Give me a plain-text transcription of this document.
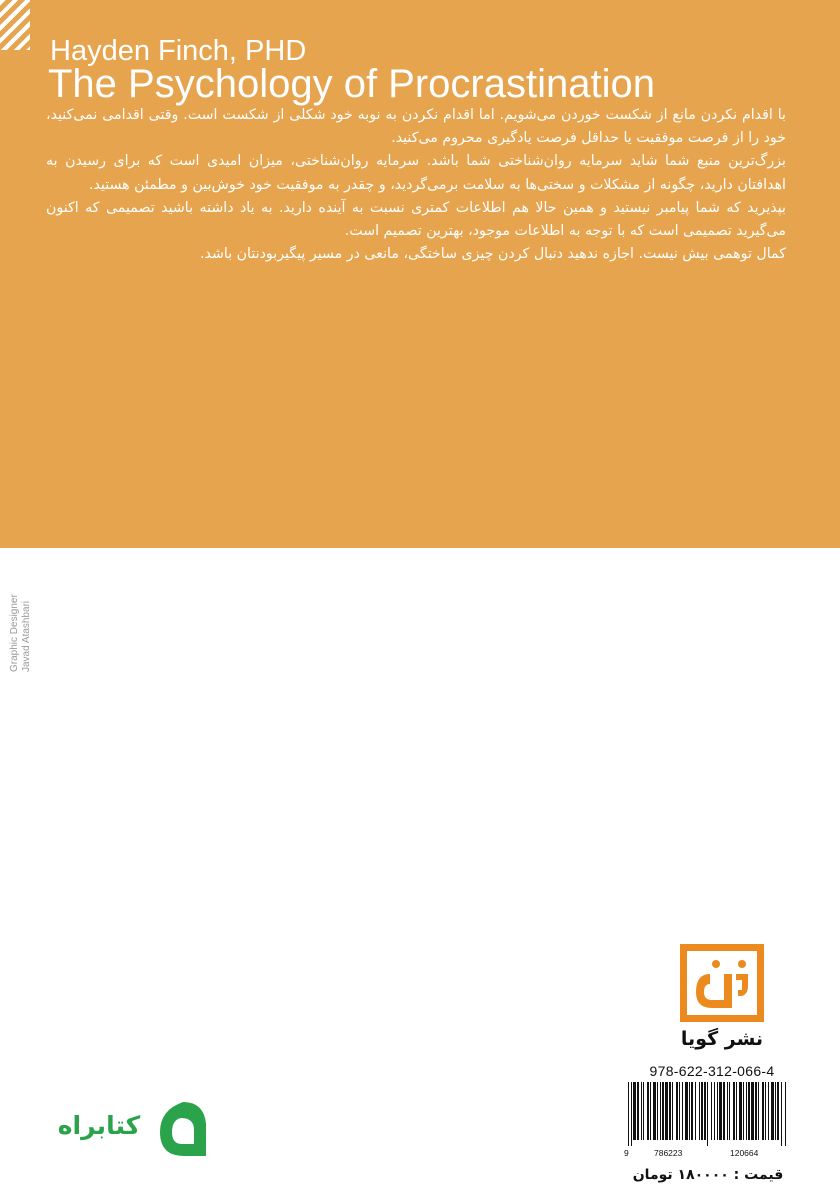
Hayden Finch, PHD
The Psychology of Procrastination

با اقدام نکردن مانع از شکست خوردن می‌شویم. اما اقدام نکردن به نوبه خود شکلی از شکست است. وقتی اقدامی نمی‌کنید، خود را از فرصت موفقیت یا حداقل فرصت یادگیری محروم می‌کنید.

بزرگ‌ترین منبع شما شاید سرمایه روان‌شناختی شما باشد. سرمایه روان‌شناختی، میزان امیدی است که برای رسیدن به اهدافتان دارید، چگونه از مشکلات و سختی‌ها به سلامت برمی‌گردید، و چقدر به موفقیت خود خوش‌بین و مطمئن هستید.

بپذیرید که شما پیامبر نیستید و همین حالا هم اطلاعات کمتری نسبت به آینده دارید. به یاد داشته باشید تصمیمی که اکنون می‌گیرید تصمیمی است که با توجه به اطلاعات موجود، بهترین تصمیم است.

کمال توهمی بیش نیست. اجازه ندهید دنبال کردن چیزی ساختگی، مانعی در مسیر پیگیربودنتان باشد.

Graphic Designer Javad Atashbari
نشر گویا
978-622-312-066-4
9	786223	120664
قیمت : ۱۸۰۰۰۰ تومان
کتابراه
